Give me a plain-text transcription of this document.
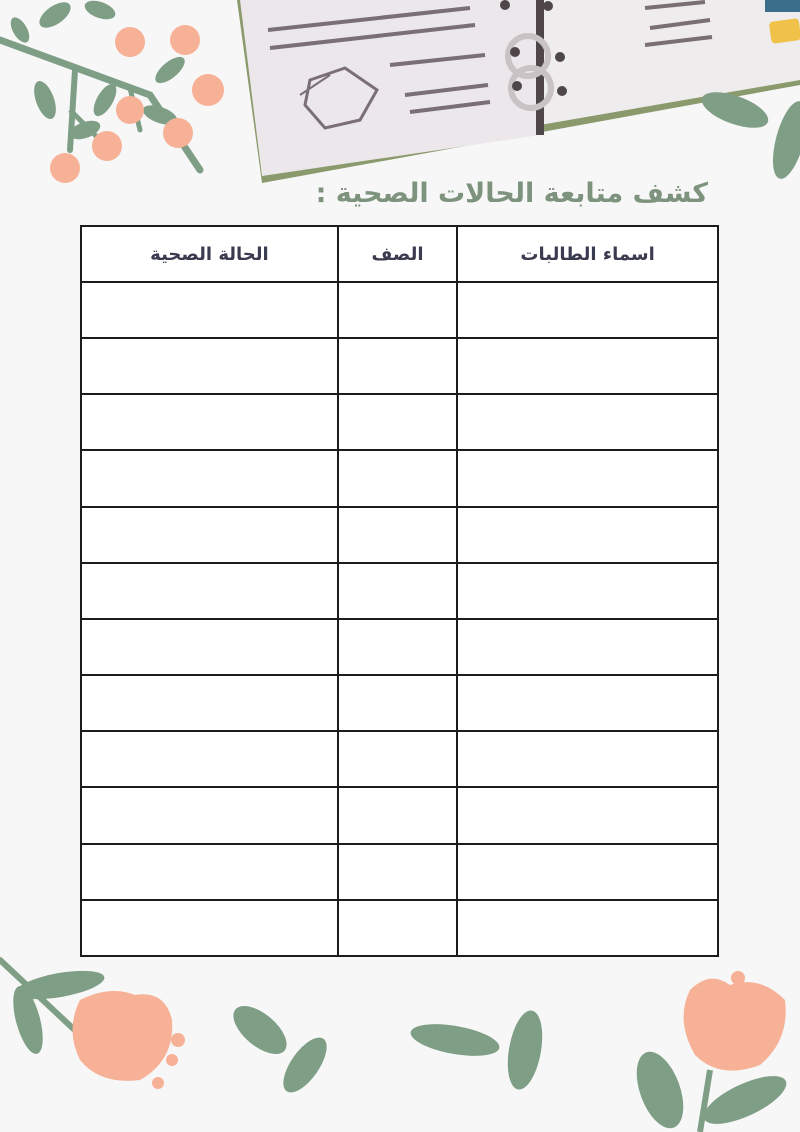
كشف متابعة الحالات الصحية :
اسماء الطالبات	الصف	الحالة الصحية
